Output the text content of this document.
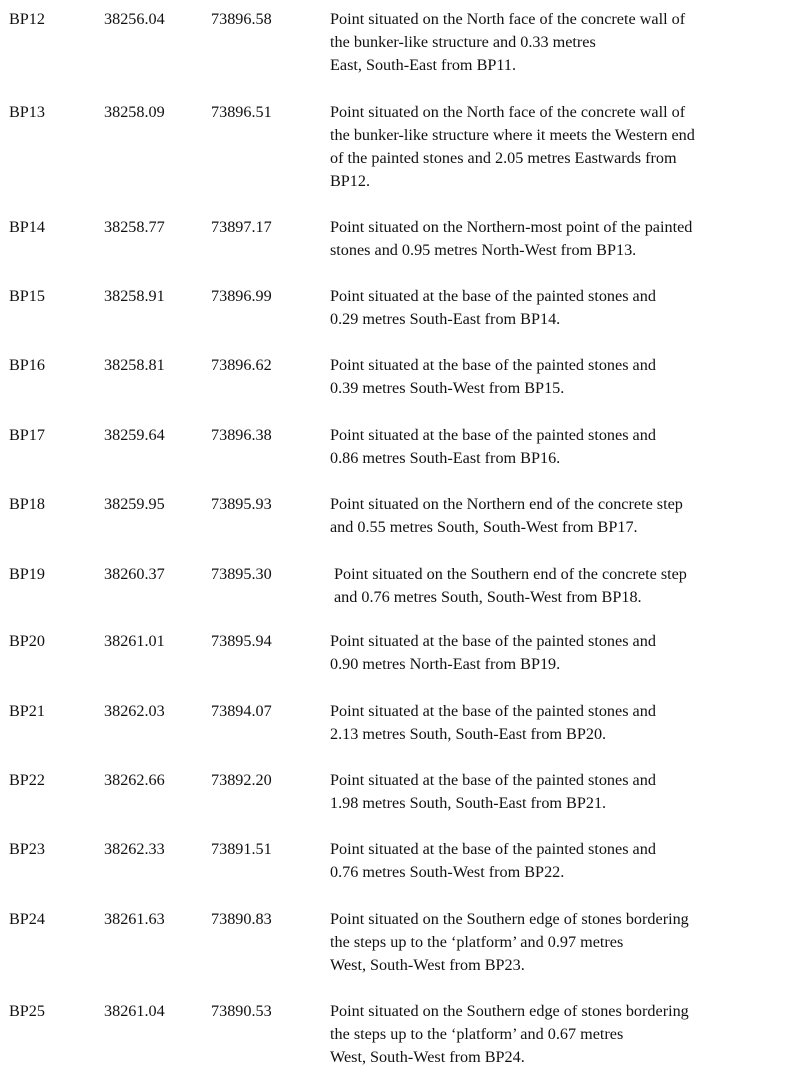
BP12	38256.04	73896.58	Point situated on the North face of the concrete wall of
the bunker-like structure and 0.33 metres
East, South-East from BP11.
BP13	38258.09	73896.51	Point situated on the North face of the concrete wall of
the bunker-like structure where it meets the Western end
of the painted stones and 2.05 metres Eastwards from
BP12.
BP14	38258.77	73897.17	Point situated on the Northern-most point of the painted
stones and 0.95 metres North-West from BP13.
BP15	38258.91	73896.99	Point situated at the base of the painted stones and
0.29 metres South-East from BP14.
BP16	38258.81	73896.62	Point situated at the base of the painted stones and
0.39 metres South-West from BP15.
BP17	38259.64	73896.38	Point situated at the base of the painted stones and
0.86 metres South-East from BP16.
BP18	38259.95	73895.93	Point situated on the Northern end of the concrete step
and 0.55 metres South, South-West from BP17.
BP19	38260.37	73895.30	Point situated on the Southern end of the concrete step
and 0.76 metres South, South-West from BP18.
BP20	38261.01	73895.94	Point situated at the base of the painted stones and
0.90 metres North-East from BP19.
BP21	38262.03	73894.07	Point situated at the base of the painted stones and
2.13 metres South, South-East from BP20.
BP22	38262.66	73892.20	Point situated at the base of the painted stones and
1.98 metres South, South-East from BP21.
BP23	38262.33	73891.51	Point situated at the base of the painted stones and
0.76 metres South-West from BP22.
BP24	38261.63	73890.83	Point situated on the Southern edge of stones bordering
the steps up to the ‘platform’ and 0.97 metres
West, South-West from BP23.
BP25	38261.04	73890.53	Point situated on the Southern edge of stones bordering
the steps up to the ‘platform’ and 0.67 metres
West, South-West from BP24.
